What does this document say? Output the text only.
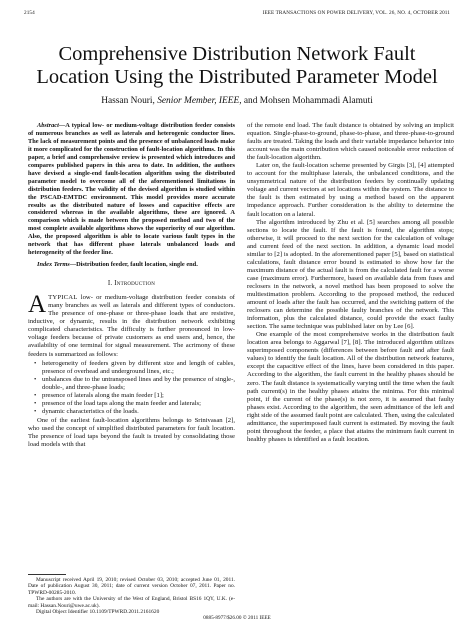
2154	IEEE TRANSACTIONS ON POWER DELIVERY, VOL. 26, NO. 4, OCTOBER 2011
Comprehensive Distribution Network Fault Location Using the Distributed Parameter Model
Hassan Nouri, Senior Member, IEEE, and Mohsen Mohammadi Alamuti

Abstract—A typical low- or medium-voltage distribution feeder consists of numerous branches as well as laterals and heterogenic conductor lines. The lack of measurement points and the presence of unbalanced loads make it more complicated for the construction of fault-location algorithms. In this paper, a brief and comprehensive review is presented which introduces and compares published papers in this area to date. In addition, the authors have devised a single-end fault-location algorithm using the distributed parameter model to overcome all of the aforementioned limitations in distribution feeders. The validity of the devised algorithm is studied within the PSCAD-EMTDC environment. This model provides more accurate results as the distributed nature of losses and capacitive effects are considered whereas in the available algorithms, these are ignored. A comparison which is made between the proposed method and two of the most complete available algorithms shows the superiority of our algorithm. Also, the proposed algorithm is able to locate various fault types in the network that has different phase laterals unbalanced loads and heterogeneity of the feeder line.

Index Terms—Distribution feeder, fault location, single end.

I. Introduction

ATYPICAL low- or medium-voltage distribution feeder consists of many branches as well as laterals and different types of conductors. The presence of one-phase or three-phase loads that are resistive, inductive, or dynamic, results in the distribution network exhibiting complicated characteristics. The difficulty is further pronounced in low-voltage feeders because of private customers as end users and, hence, the availability of one terminal for signal measurement. The acrimony of these feeders is summarized as follows:

• heterogeneity of feeders given by different size and length of cables, presence of overhead and underground lines, etc.;
• unbalances due to the untransposed lines and by the presence of single-, double-, and three-phase loads;
• presence of laterals along the main feeder [1];
• presence of the load taps along the main feeder and laterals;
• dynamic characteristics of the loads.

One of the earliest fault-location algorithms belongs to Srinivasan [2], who used the concept of simplified distributed parameters for fault location. The presence of load taps beyond the fault is treated by consolidating those load models with that

Manuscript received April 19, 2010; revised October 03, 2010; accepted June 01, 2011. Date of publication August 30, 2011; date of current version October 07, 2011. Paper no. TPWRD-00285-2010.

The authors are with the University of the West of England, Bristol BS16 1QY, U.K. (e-mail: Hassan.Nouri@uwe.ac.uk).

Digital Object Identifier 10.1109/TPWRD.2011.2161620

of the remote end load. The fault distance is obtained by solving an implicit equation. Single-phase-to-ground, phase-to-phase, and three-phase-to-ground faults are treated. Taking the loads and their variable impedance behavior into account was the main contribution which caused noticeable error reduction of the fault-location algorithm.

Later on, the fault-location scheme presented by Girgis [3], [4] attempted to account for the multiphase laterals, the unbalanced conditions, and the unsymmetrical nature of the distribution feeders by continually updating voltage and current vectors at set locations within the system. The distance to the fault is then estimated by using a method based on the apparent impedance approach. Further consideration is the ability to determine the fault location on a lateral.

The algorithm introduced by Zhu et al. [5] searches among all possible sections to locate the fault. If the fault is found, the algorithm stops; otherwise, it will proceed to the next section for the calculation of voltage and current feed of the next section. In addition, a dynamic load model similar to [2] is adopted. In the aforementioned paper [5], based on statistical calculations, fault distance error bound is estimated to show how far the maximum distance of the actual fault is from the calculated fault for a worse case (maximum error). Furthermore, based on available data from fuses and reclosers in the network, a novel method has been proposed to solve the multiestimation problem. According to the proposed method, the reduced amount of loads after the fault has occurred, and the switching pattern of the reclosers can determine the possible faulty branches of the network. This information, plus the calculated distance, could provide the exact faulty section. The same technique was published later on by Lee [6].

One example of the most comprehensive works in the distribution fault location area belongs to Aggarwal [7], [8]. The introduced algorithm utilizes superimposed components (differences between before fault and after fault values) to identify the fault location. All of the distribution network features, except the capacitive effect of the lines, have been considered in this paper. According to the algorithm, the fault current in the healthy phases should be zero. The fault distance is systematically varying until the time when the fault path current(s) in the healthy phases attains the minima. For this minimal point, if the current of the phase(s) is not zero, it is assumed that faulty phases exist. According to the algorithm, the seen admittance of the left and right side of the assumed fault point are calculated. Then, using the calculated admittance, the superimposed fault current is estimated. By moving the fault point throughout the feeder, a place that attains the minimum fault current in healthy phases is identified as a fault location.

0885-8977/$26.00 © 2011 IEEE
